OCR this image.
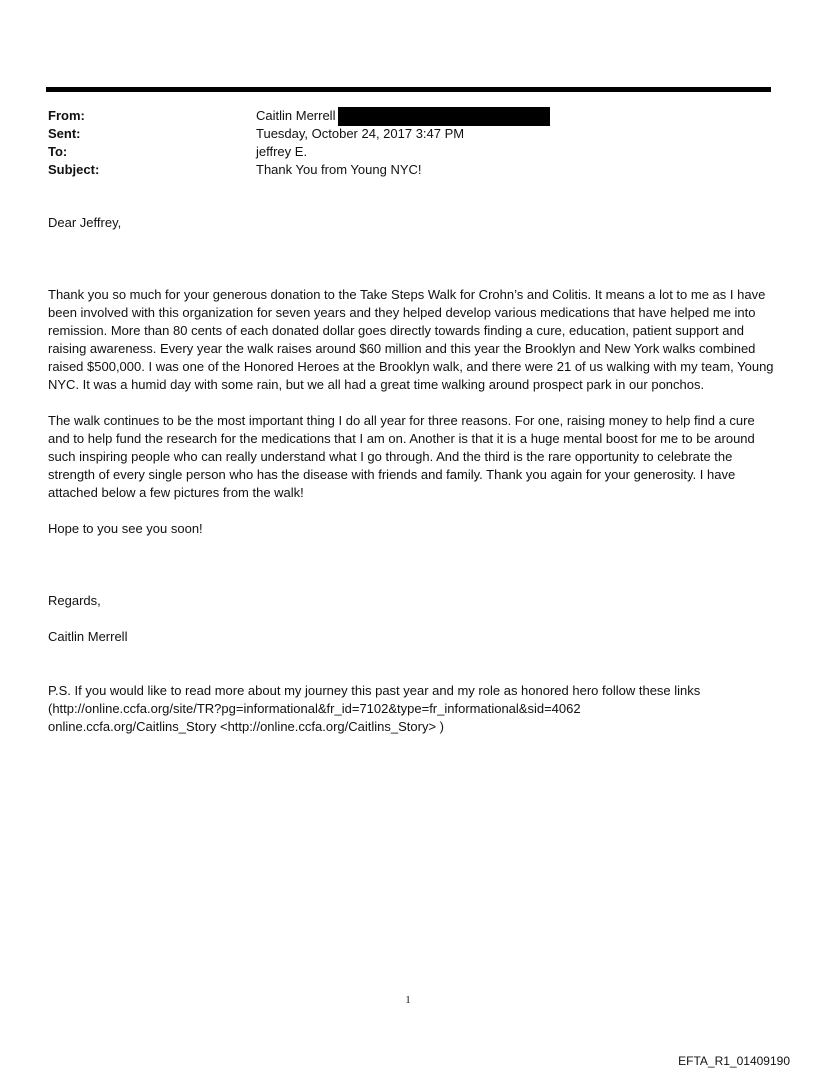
From:	Caitlin Merrell
Sent:	Tuesday, October 24, 2017 3:47 PM
To:	jeffrey E.
Subject:	Thank You from Young NYC!

Dear Jeffrey,

Thank you so much for your generous donation to the Take Steps Walk for Crohn’s and Colitis. It means a lot to me as I have been involved with this organization for seven years and they helped develop various medications that have helped me into remission. More than 80 cents of each donated dollar goes directly towards finding a cure, education, patient support and raising awareness. Every year the walk raises around $60 million and this year the Brooklyn and New York walks combined raised $500,000. I was one of the Honored Heroes at the Brooklyn walk, and there were 21 of us walking with my team, Young NYC. It was a humid day with some rain, but we all had a great time walking around prospect park in our ponchos.

The walk continues to be the most important thing I do all year for three reasons. For one, raising money to help find a cure and to help fund the research for the medications that I am on. Another is that it is a huge mental boost for me to be around such inspiring people who can really understand what I go through. And the third is the rare opportunity to celebrate the strength of every single person who has the disease with friends and family. Thank you again for your generosity. I have attached below a few pictures from the walk!

Hope to you see you soon!

Regards,

Caitlin Merrell

P.S. If you would like to read more about my journey this past year and my role as honored hero follow these links

(http://online.ccfa.org/site/TR?pg=informational&fr_id=7102&type=fr_informational&sid=4062

online.ccfa.org/Caitlins_Story <http://online.ccfa.org/Caitlins_Story> )

1
EFTA_R1_01409190
